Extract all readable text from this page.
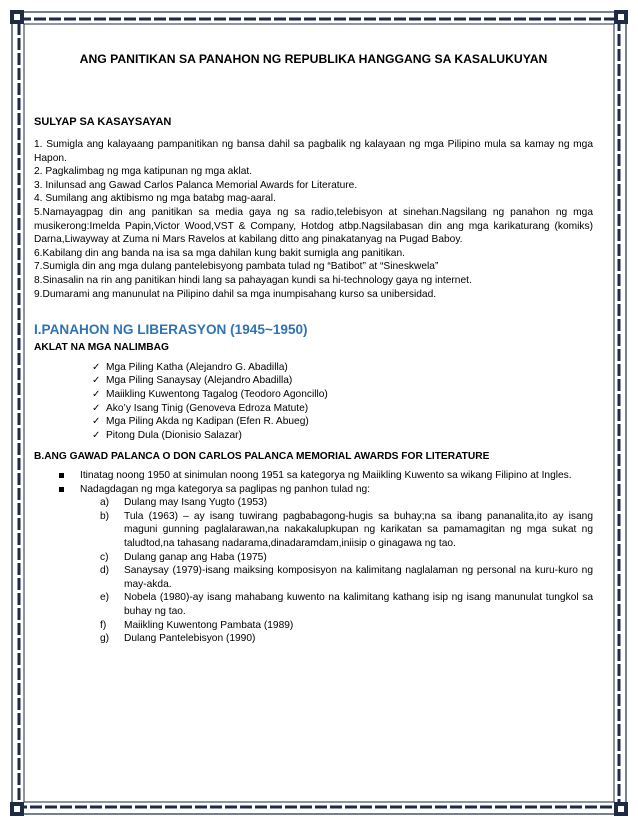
ANG PANITIKAN SA PANAHON NG REPUBLIKA HANGGANG SA KASALUKUYAN
SULYAP SA KASAYSAYAN
1. Sumigla ang kalayaang pampanitikan ng bansa dahil sa pagbalik ng kalayaan ng mga Pilipino mula sa kamay ng mga Hapon.
2. Pagkalimbag ng mga katipunan ng mga aklat.
3. Inilunsad ang Gawad Carlos Palanca Memorial Awards for Literature.
4. Sumilang ang aktibismo ng mga batabg mag-aaral.
5.Namayagpag din ang panitikan sa media gaya ng sa radio,telebisyon at sinehan.Nagsilang ng panahon ng mga musikerong:Imelda Papin,Victor Wood,VST & Company, Hotdog atbp.Nagsilabasan din ang mga karikaturang (komiks) Darna,Liwayway at Zuma ni Mars Ravelos at kabilang ditto ang pinakatanyag na Pugad Baboy.
6.Kabilang din ang banda na isa sa mga dahilan kung bakit sumigla ang panitikan.
7.Sumigla din ang mga dulang pantelebisyong pambata tulad ng “Batibot” at “Sineskwela”
8.Sinasalin na rin ang panitikan hindi lang sa pahayagan kundi sa hi-technology gaya ng internet.
9.Dumarami ang manunulat na Pilipino dahil sa mga inumpisahang kurso sa unibersidad.
I.PANAHON NG LIBERASYON (1945~1950)
AKLAT NA MGA NALIMBAG
✓ Mga Piling Katha (Alejandro G. Abadilla)
✓ Mga Piling Sanaysay (Alejandro Abadilla)
✓ Maiikling Kuwentong Tagalog (Teodoro Agoncillo)
✓ Ako’y Isang Tinig (Genoveva Edroza Matute)
✓ Mga Piling Akda ng Kadipan (Efen R. Abueg)
✓ Pitong Dula (Dionisio Salazar)
B.ANG GAWAD PALANCA O DON CARLOS PALANCA MEMORIAL AWARDS FOR LITERATURE
Itinatag noong 1950 at sinimulan noong 1951 sa kategorya ng Maiikling Kuwento sa wikang Filipino at Ingles.
Nadagdagan ng mga kategorya sa paglipas ng panhon tulad ng:
a) Dulang may Isang Yugto (1953)
b) Tula (1963) – ay isang tuwirang pagbabagong-hugis sa buhay;na sa ibang pananalita,ito ay isang maguni gunning paglalarawan,na nakakalupkupan ng karikatan sa pamamagitan ng mga sukat ng taludtod,na tahasang nadarama,dinadaramdam,iniisip o ginagawa ng tao.
c) Dulang ganap ang Haba (1975)
d) Sanaysay (1979)-isang maiksing komposisyon na kalimitang naglalaman ng personal na kuru-kuro ng may-akda.
e) Nobela (1980)-ay isang mahabang kuwento na kalimitang kathang isip ng isang manunulat tungkol sa buhay ng tao.
f) Maiikling Kuwentong Pambata (1989)
g) Dulang Pantelebisyon (1990)
